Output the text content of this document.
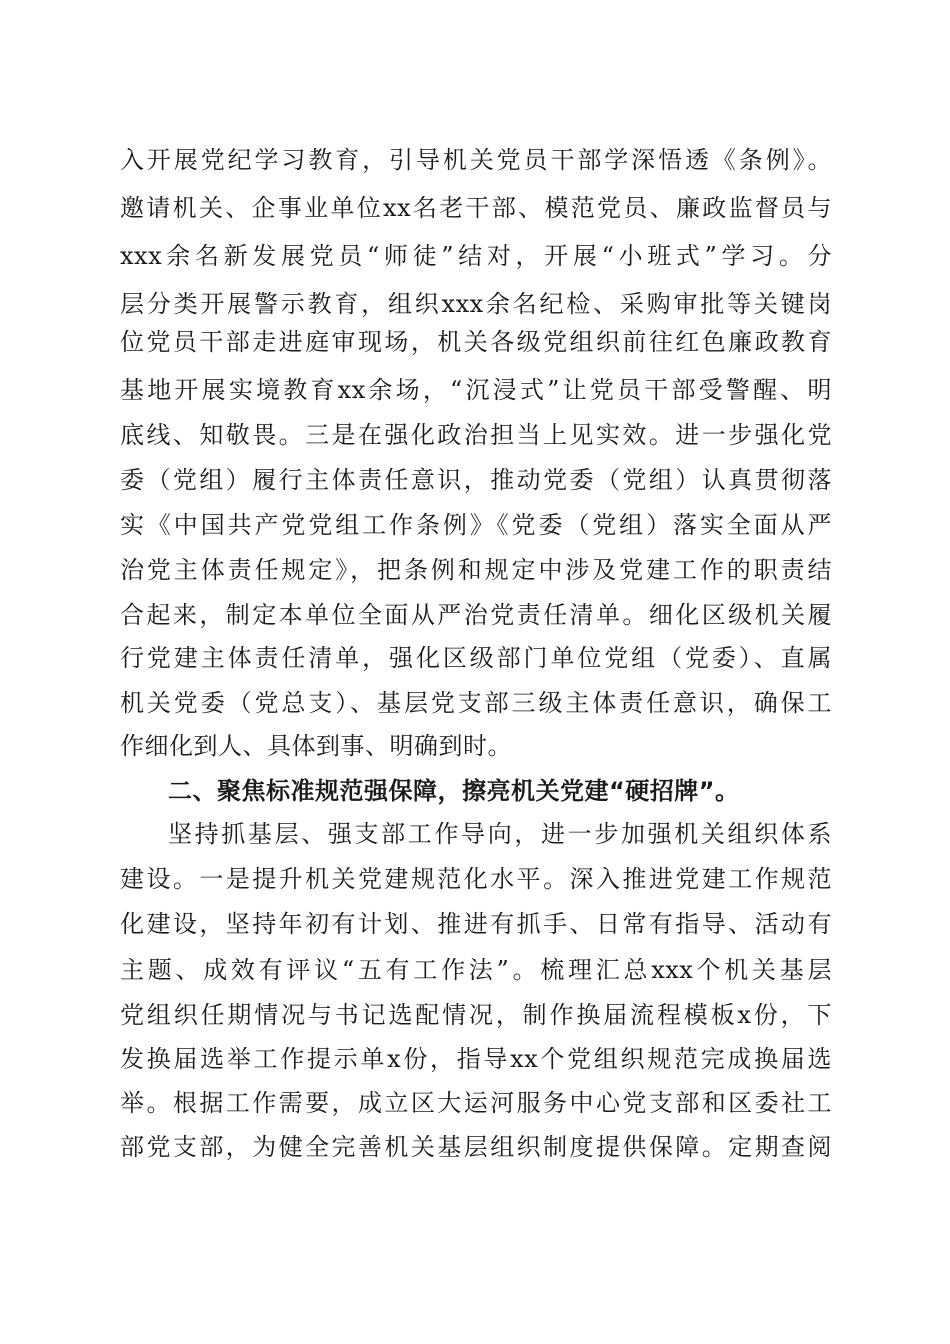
入开展党纪学习教育，引导机关党员干部学深悟透《条例》。
邀请机关、企事业单位xx名老干部、模范党员、廉政监督员与
xxx余名新发展党员“师徒”结对，开展“小班式”学习。分
层分类开展警示教育，组织xxx余名纪检、采购审批等关键岗
位党员干部走进庭审现场，机关各级党组织前往红色廉政教育
基地开展实境教育xx余场，“沉浸式”让党员干部受警醒、明
底线、知敬畏。三是在强化政治担当上见实效。进一步强化党
委（党组）履行主体责任意识，推动党委（党组）认真贯彻落
实《中国共产党党组工作条例》《党委（党组）落实全面从严
治党主体责任规定》，把条例和规定中涉及党建工作的职责结
合起来，制定本单位全面从严治党责任清单。细化区级机关履
行党建主体责任清单，强化区级部门单位党组（党委）、直属
机关党委（党总支）、基层党支部三级主体责任意识，确保工
作细化到人、具体到事、明确到时。
二、聚焦标准规范强保障，擦亮机关党建“硬招牌”。
坚持抓基层、强支部工作导向，进一步加强机关组织体系
建设。一是提升机关党建规范化水平。深入推进党建工作规范
化建设，坚持年初有计划、推进有抓手、日常有指导、活动有
主题、成效有评议“五有工作法”。梳理汇总xxx个机关基层
党组织任期情况与书记选配情况，制作换届流程模板x份，下
发换届选举工作提示单x份，指导xx个党组织规范完成换届选
举。根据工作需要，成立区大运河服务中心党支部和区委社工
部党支部，为健全完善机关基层组织制度提供保障。定期查阅
